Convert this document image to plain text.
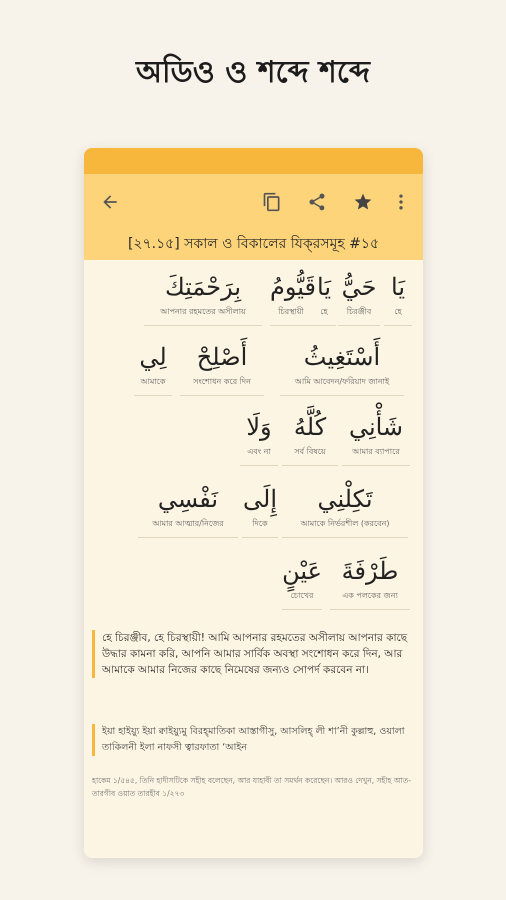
অডিও ও শব্দে শব্দে
[২৭.১৫] সকাল ও বিকালের যিক্‌রসমূহ #১৫
يَا
হে
حَيُّ
চিরঞ্জীব
يَا
হে
قَيُّومُ
চিরস্থায়ী
بِرَحْمَتِكَ
আপনার রহমতের অসীলায়
أَسْتَغِيثُ
আমি আবেদন/ফরিয়াদ জানাই
أَصْلِحْ
সংশোধন করে দিন
لِي
আমাকে
شَأْنِي
আমার ব্যাপারে
كُلَّهُ
সর্ব বিষয়ে
وَلَا
এবং না
تَكِلْنِي
আমাকে নির্ভরশীল (করবেন)
إِلَى
দিকে
نَفْسِي
আমার আত্মার/নিজের
طَرْفَةَ
এক পলকের জন্য
عَيْنٍ
চোখের
হে চিরঞ্জীব, হে চিরস্থায়ী! আমি আপনার রহমতের অসীলায় আপনার কাছে উদ্ধার কামনা করি, আপনি আমার সার্বিক অবস্থা সংশোধন করে দিন, আর আমাকে আমার নিজের কাছে নিমেষের জন্যও সোপর্দ করবেন না।
ইয়া হাইয়্যু ইয়া ক্বাইয়্যুমু বিরহ্‌মাতিকা আস্তাগীসু, আসলিহ্‌ লী শা’নী কুল্লাহু, ওয়ালা তাকিলনী ইলা নাফসী ত্বারফাতা ‘আইন
হাকেম ১/৫৪৫, তিনি হাদীসটিকে সহীহ বলেছেন, আর যাহাবী তা সমর্থন করেছেন। আরও দেখুন, সহীহ আত-তারগীব ওয়াত তারহীব ১/২৭৩
